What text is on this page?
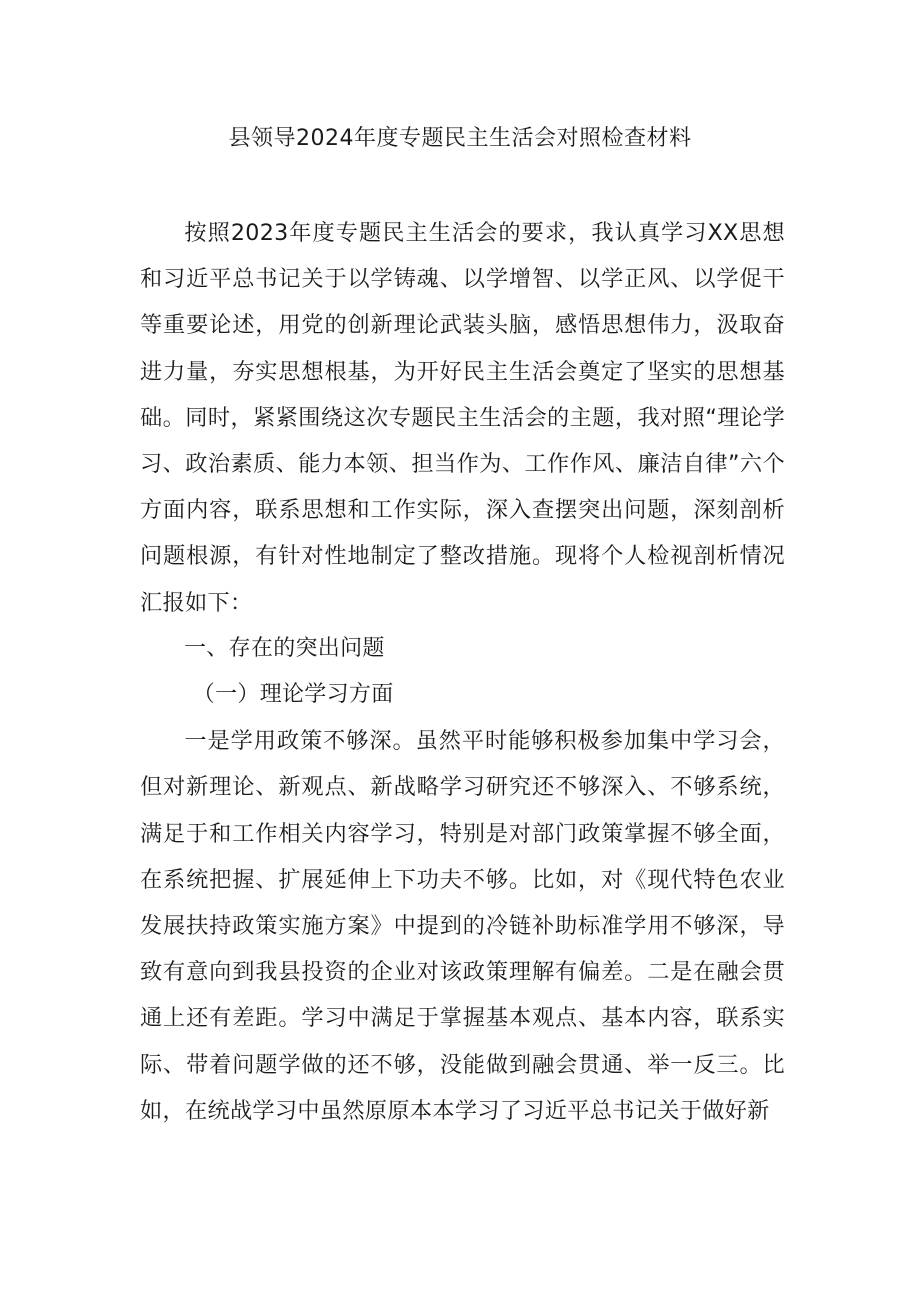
县领导2024年度专题民主生活会对照检查材料

按照2023年度专题民主生活会的要求，我认真学习XX思想和习近平总书记关于以学铸魂、以学增智、以学正风、以学促干等重要论述，用党的创新理论武装头脑，感悟思想伟力，汲取奋进力量，夯实思想根基，为开好民主生活会奠定了坚实的思想基础。同时，紧紧围绕这次专题民主生活会的主题，我对照“理论学习、政治素质、能力本领、担当作为、工作作风、廉洁自律”六个方面内容，联系思想和工作实际，深入查摆突出问题，深刻剖析问题根源，有针对性地制定了整改措施。现将个人检视剖析情况汇报如下：

一、存在的突出问题

（一）理论学习方面

一是学用政策不够深。虽然平时能够积极参加集中学习会，但对新理论、新观点、新战略学习研究还不够深入、不够系统，满足于和工作相关内容学习，特别是对部门政策掌握不够全面，在系统把握、扩展延伸上下功夫不够。比如，对《现代特色农业发展扶持政策实施方案》中提到的冷链补助标准学用不够深，导致有意向到我县投资的企业对该政策理解有偏差。二是在融会贯通上还有差距。学习中满足于掌握基本观点、基本内容，联系实际、带着问题学做的还不够，没能做到融会贯通、举一反三。比如，在统战学习中虽然原原本本学习了习近平总书记关于做好新
